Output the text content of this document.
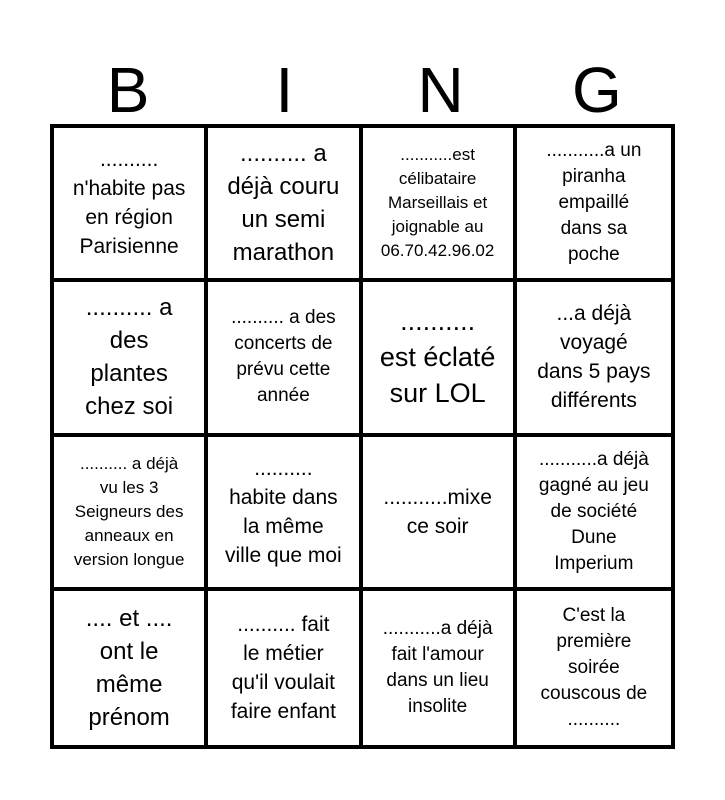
B	I	N	G
..........
n'habite pas
en région
Parisienne
.......... a
déjà couru
un semi
marathon
...........est
célibataire
Marseillais et
joignable au
06.70.42.96.02
...........a un
piranha
empaillé
dans sa
poche
.......... a
des
plantes
chez soi
.......... a des
concerts de
prévu cette
année
..........
est éclaté
sur LOL
...a déjà
voyagé
dans 5 pays
différents
.......... a déjà
vu les 3
Seigneurs des
anneaux en
version longue
..........
habite dans
la même
ville que moi
...........mixe
ce soir
...........a déjà
gagné au jeu
de société
Dune
Imperium
.... et ....
ont le
même
prénom
.......... fait
le métier
qu'il voulait
faire enfant
...........a déjà
fait l'amour
dans un lieu
insolite
C'est la
première
soirée
couscous de
..........
